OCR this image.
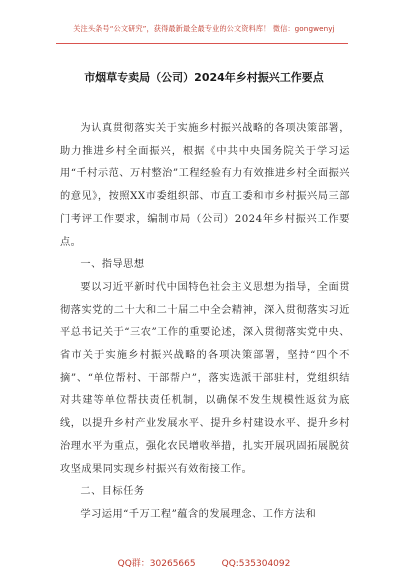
关注头条号“公文研究”，获得最新最全最专业的公文资料库！ 微信：gongwenyj
市烟草专卖局（公司）2024年乡村振兴工作要点

为认真贯彻落实关于实施乡村振兴战略的各项决策部署，助力推进乡村全面振兴，根据《中共中央国务院关于学习运用“千村示范、万村整治”工程经验有力有效推进乡村全面振兴的意见》，按照XX市委组织部、市直工委和市乡村振兴局三部门考评工作要求，编制市局（公司）2024年乡村振兴工作要点。

一、指导思想

要以习近平新时代中国特色社会主义思想为指导，全面贯彻落实党的二十大和二十届二中全会精神，深入贯彻落实习近平总书记关于“三农”工作的重要论述，深入贯彻落实党中央、省市关于实施乡村振兴战略的各项决策部署，坚持“四个不摘”、“单位帮村、干部帮户”，落实选派干部驻村，党组织结对共建等单位帮扶责任机制，以确保不发生规模性返贫为底线，以提升乡村产业发展水平、提升乡村建设水平、提升乡村治理水平为重点，强化农民增收举措，扎实开展巩固拓展脱贫攻坚成果同实现乡村振兴有效衔接工作。

二、目标任务

学习运用“千万工程”蕴含的发展理念、工作方法和

QQ群：30265665	QQ:535304092
